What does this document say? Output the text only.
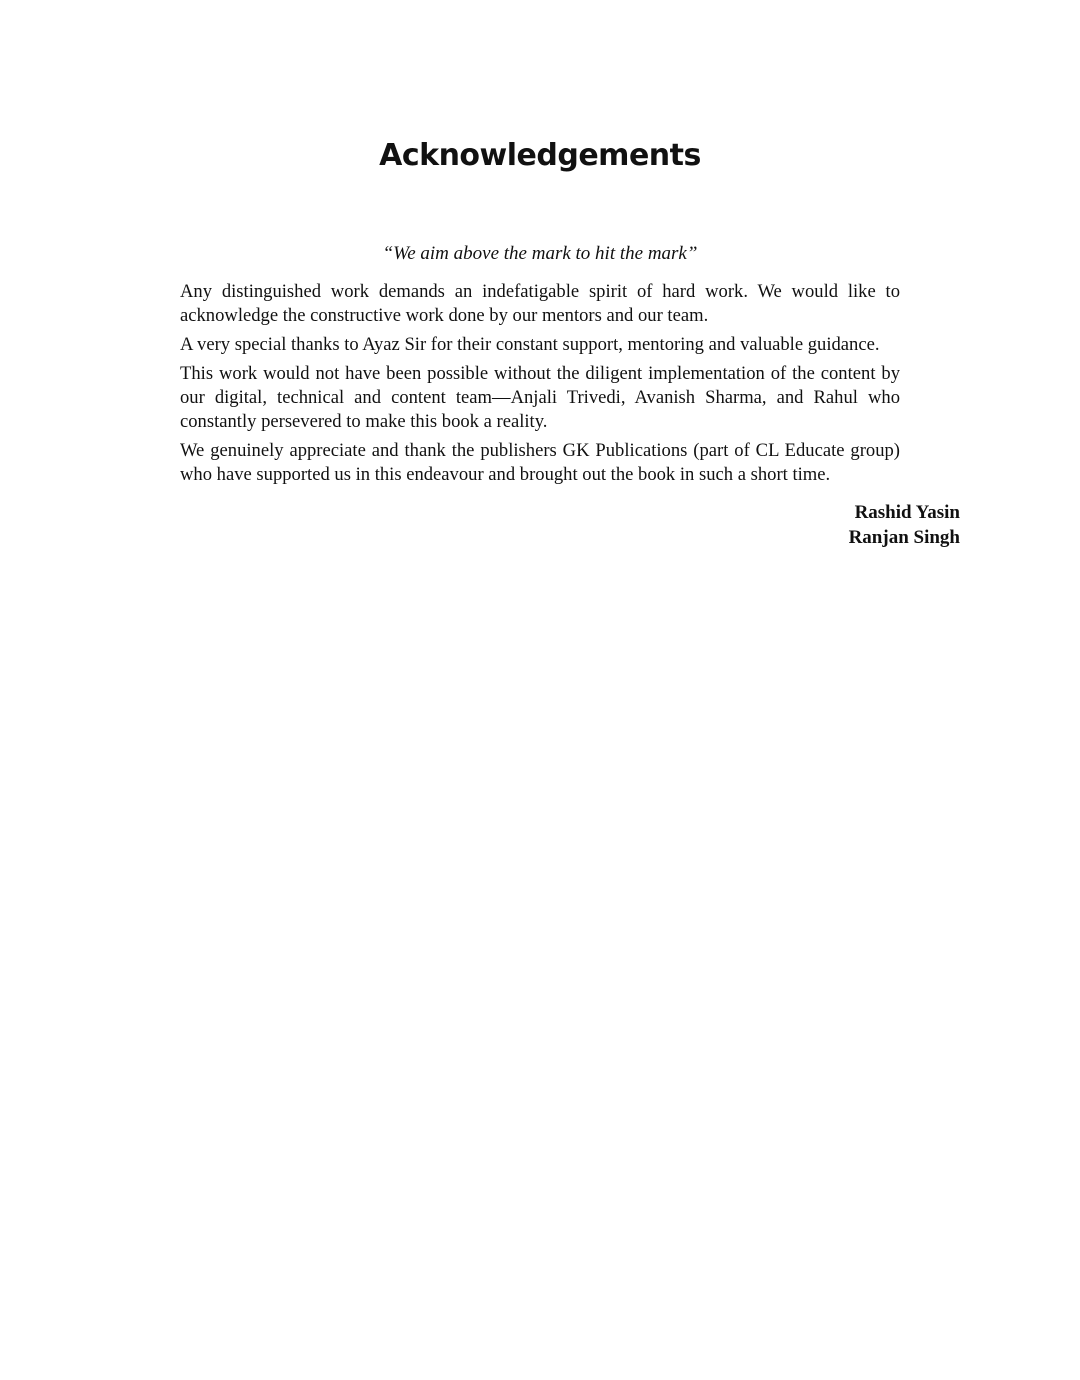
Acknowledgements

“We aim above the mark to hit the mark”

Any distinguished work demands an indefatigable spirit of hard work. We would like to acknowledge the constructive work done by our mentors and our team.

A very special thanks to Ayaz Sir for their constant support, mentoring and valuable guidance.

This work would not have been possible without the diligent implementation of the content by our digital, technical and content team—Anjali Trivedi, Avanish Sharma, and Rahul who constantly persevered to make this book a reality.

We genuinely appreciate and thank the publishers GK Publications (part of CL Educate group) who have supported us in this endeavour and brought out the book in such a short time.

Rashid Yasin
Ranjan Singh
